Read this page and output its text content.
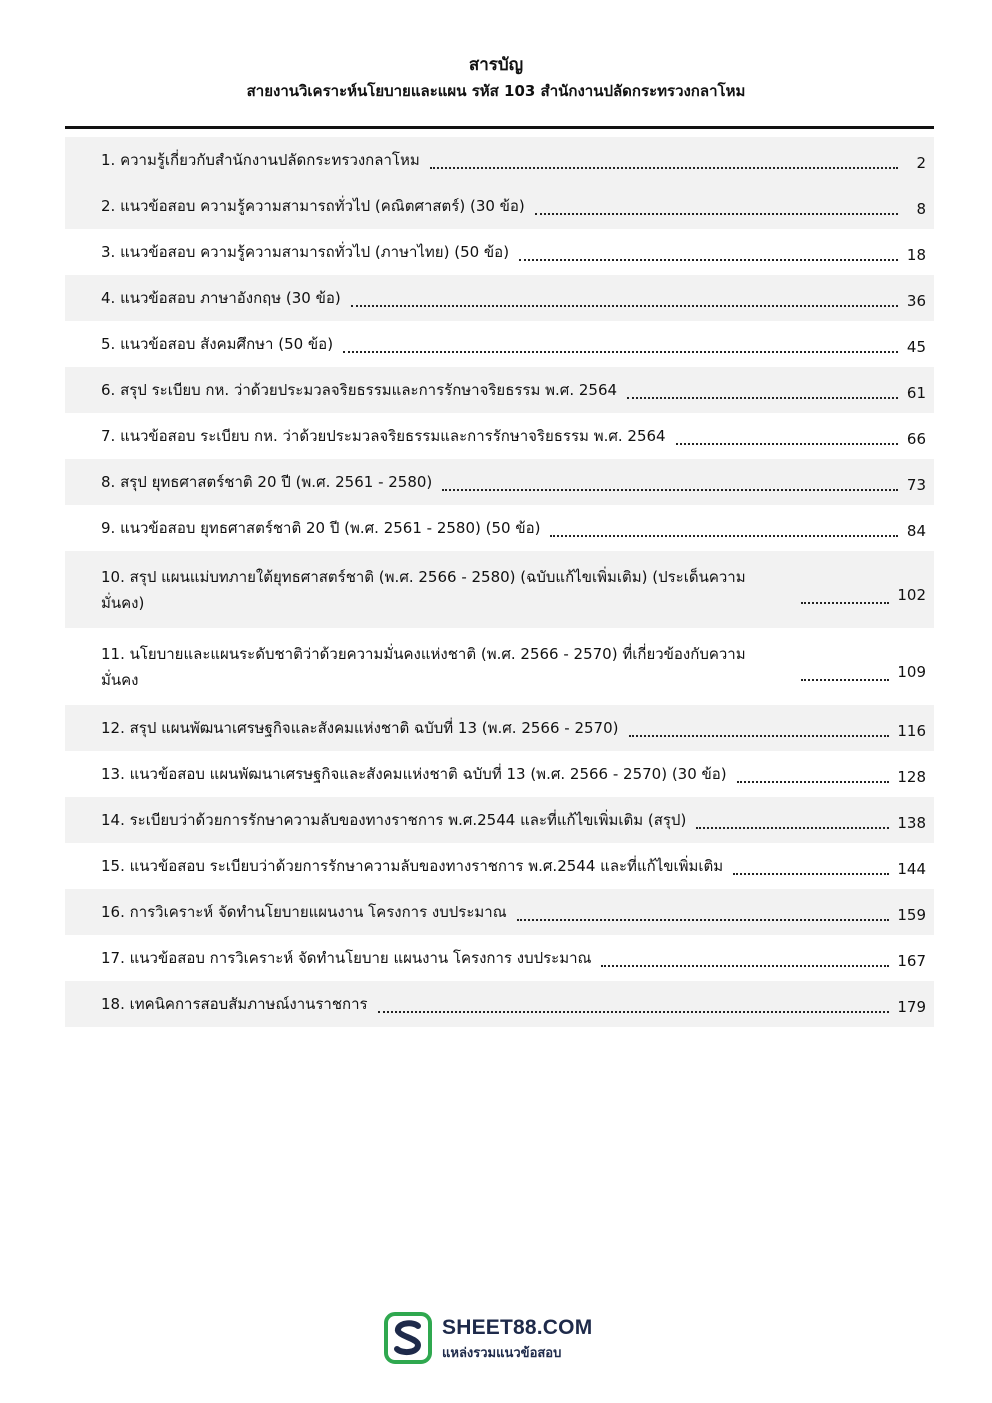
สารบัญ
สายงานวิเคราะห์นโยบายและแผน รหัส 103 สำนักงานปลัดกระทรวงกลาโหม
1. ความรู้เกี่ยวกับสำนักงานปลัดกระทรวงกลาโหม	2
2. แนวข้อสอบ ความรู้ความสามารถทั่วไป (คณิตศาสตร์) (30 ข้อ)	8
3. แนวข้อสอบ ความรู้ความสามารถทั่วไป (ภาษาไทย) (50 ข้อ)	18
4. แนวข้อสอบ ภาษาอังกฤษ (30 ข้อ)	36
5. แนวข้อสอบ สังคมศึกษา (50 ข้อ)	45
6. สรุป ระเบียบ กห. ว่าด้วยประมวลจริยธรรมและการรักษาจริยธรรม พ.ศ. 2564	61
7. แนวข้อสอบ ระเบียบ กห. ว่าด้วยประมวลจริยธรรมและการรักษาจริยธรรม พ.ศ. 2564	66
8. สรุป ยุทธศาสตร์ชาติ 20 ปี (พ.ศ. 2561 - 2580)	73
9. แนวข้อสอบ ยุทธศาสตร์ชาติ 20 ปี (พ.ศ. 2561 - 2580) (50 ข้อ)	84
10. สรุป แผนแม่บทภายใต้ยุทธศาสตร์ชาติ (พ.ศ. 2566 - 2580) (ฉบับแก้ไขเพิ่มเติม) (ประเด็นความมั่นคง)	102
11. นโยบายและแผนระดับชาติว่าด้วยความมั่นคงแห่งชาติ (พ.ศ. 2566 - 2570) ที่เกี่ยวข้องกับความมั่นคง	109
12. สรุป แผนพัฒนาเศรษฐกิจและสังคมแห่งชาติ ฉบับที่ 13 (พ.ศ. 2566 - 2570)	116
13. แนวข้อสอบ แผนพัฒนาเศรษฐกิจและสังคมแห่งชาติ ฉบับที่ 13 (พ.ศ. 2566 - 2570) (30 ข้อ)	128
14. ระเบียบว่าด้วยการรักษาความลับของทางราชการ พ.ศ.2544 และที่แก้ไขเพิ่มเติม (สรุป)	138
15. แนวข้อสอบ ระเบียบว่าด้วยการรักษาความลับของทางราชการ พ.ศ.2544 และที่แก้ไขเพิ่มเติม	144
16. การวิเคราะห์ จัดทำนโยบายแผนงาน โครงการ งบประมาณ	159
17. แนวข้อสอบ การวิเคราะห์ จัดทำนโยบาย แผนงาน โครงการ งบประมาณ	167
18. เทคนิคการสอบสัมภาษณ์งานราชการ	179
SHEET88.COM
แหล่งรวมแนวข้อสอบ
